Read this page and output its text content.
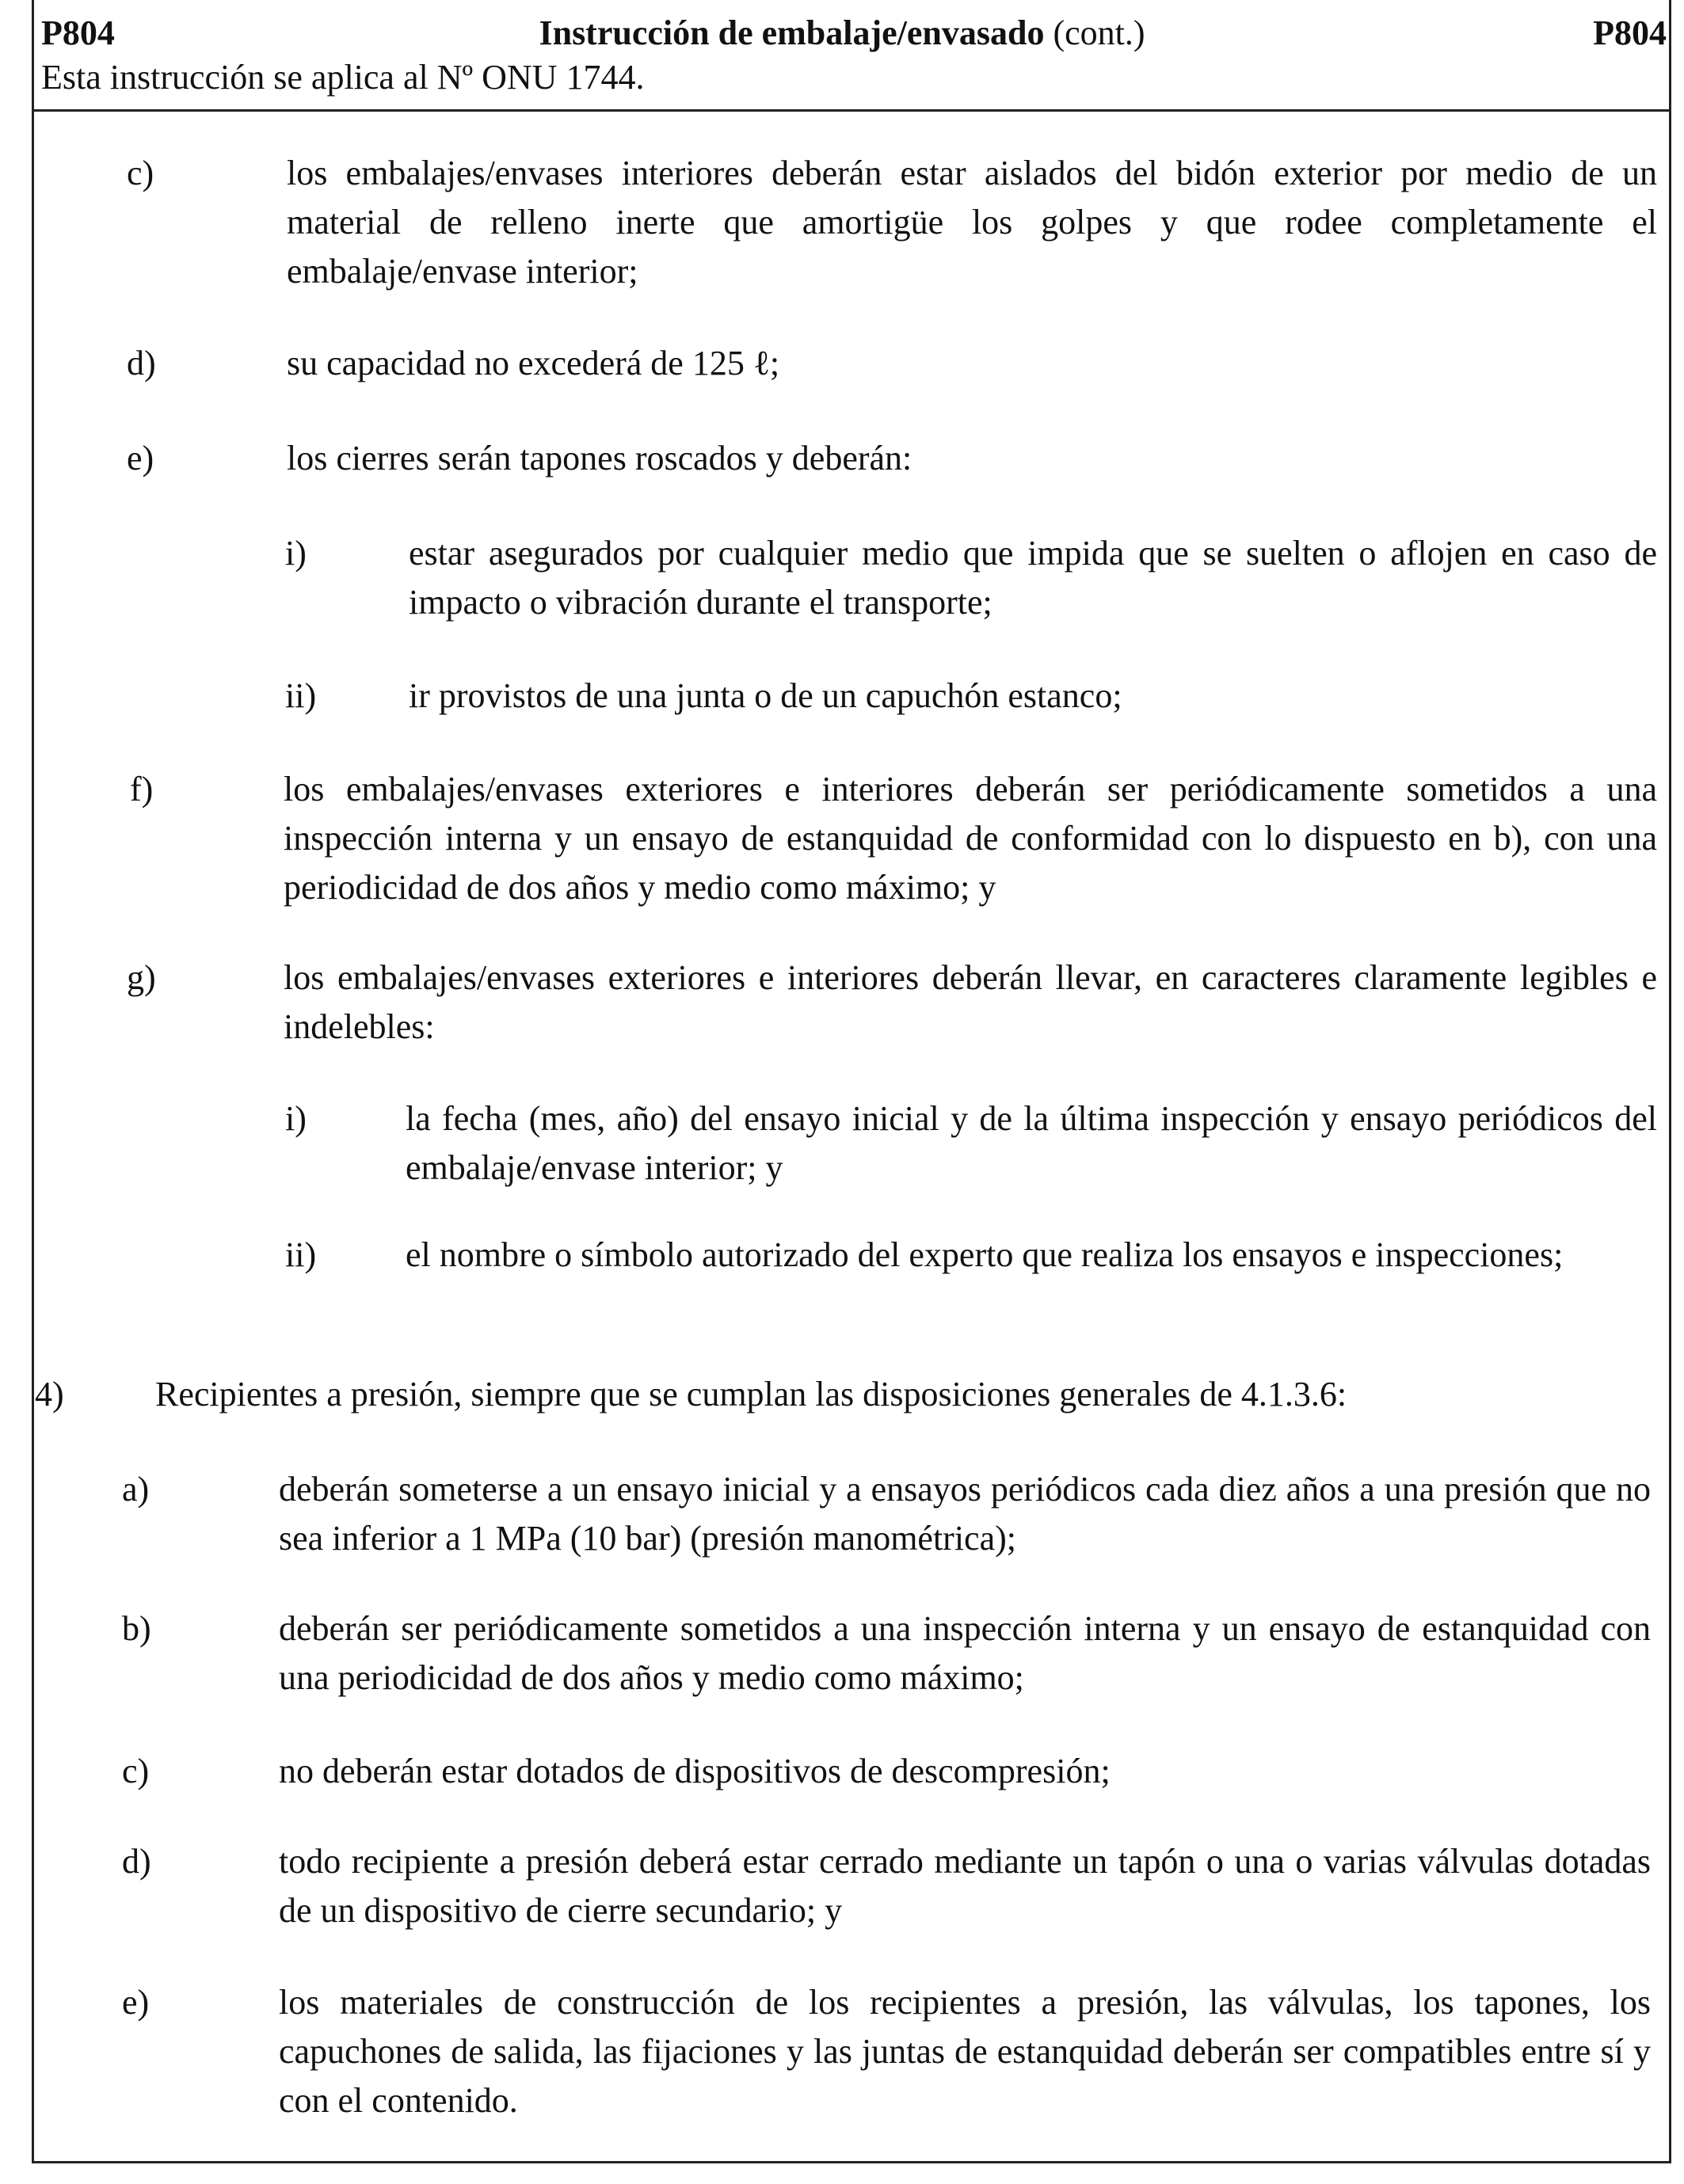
P804	Instrucción de embalaje/envasado (cont.)	P804
Esta instrucción se aplica al Nº ONU 1744.
c)	los embalajes/envases interiores deberán estar aislados del bidón exterior por medio de un material de relleno inerte que amortigüe los golpes y que rodee completamente el embalaje/envase interior;
d)	su capacidad no excederá de 125 ℓ;
e)	los cierres serán tapones roscados y deberán:
i)	estar asegurados por cualquier medio que impida que se suelten o aflojen en caso de impacto o vibración durante el transporte;
ii)	ir provistos de una junta o de un capuchón estanco;
f)	los embalajes/envases exteriores e interiores deberán ser periódicamente sometidos a una inspección interna y un ensayo de estanquidad de conformidad con lo dispuesto en b), con una periodicidad de dos años y medio como máximo; y
g)	los embalajes/envases exteriores e interiores deberán llevar, en caracteres claramente legibles e indelebles:
i)	la fecha (mes, año) del ensayo inicial y de la última inspección y ensayo periódicos del embalaje/envase interior; y
ii)	el nombre o símbolo autorizado del experto que realiza los ensayos e inspecciones;
4)	Recipientes a presión, siempre que se cumplan las disposiciones generales de 4.1.3.6:
a)	deberán someterse a un ensayo inicial y a ensayos periódicos cada diez años a una presión que no sea inferior a 1 MPa (10 bar) (presión manométrica);
b)	deberán ser periódicamente sometidos a una inspección interna y un ensayo de estanquidad con una periodicidad de dos años y medio como máximo;
c)	no deberán estar dotados de dispositivos de descompresión;
d)	todo recipiente a presión deberá estar cerrado mediante un tapón o una o varias válvulas dotadas de un dispositivo de cierre secundario; y
e)	los materiales de construcción de los recipientes a presión, las válvulas, los tapones, los capuchones de salida, las fijaciones y las juntas de estanquidad deberán ser compatibles entre sí y con el contenido.
